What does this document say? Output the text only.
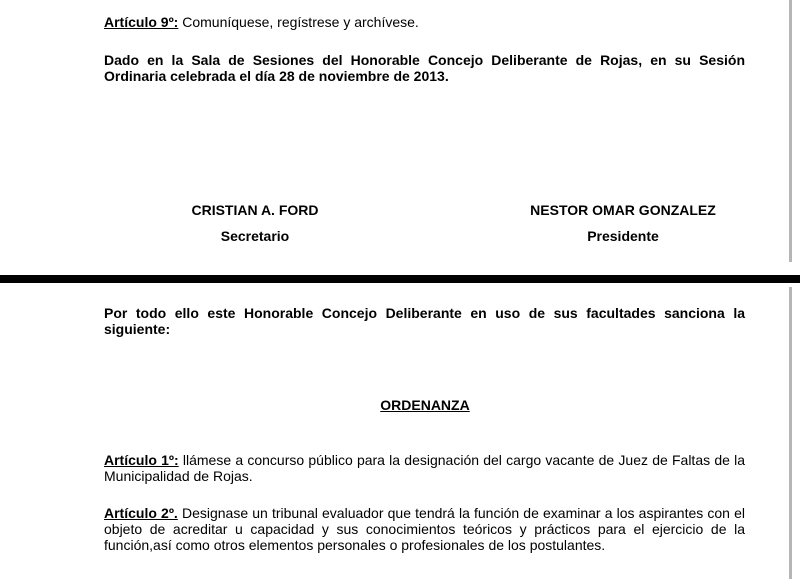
Artículo 9º: Comuníquese, regístrese y archívese.
Dado en la Sala de Sesiones del Honorable Concejo Deliberante de Rojas, en su Sesión Ordinaria celebrada el día 28 de noviembre de 2013.
CRISTIAN A. FORD
Secretario
NESTOR OMAR GONZALEZ
Presidente
Por todo ello este Honorable Concejo Deliberante en uso de sus facultades sanciona la siguiente:
ORDENANZA
Artículo 1º: llámese a concurso público para la designación del cargo vacante de Juez de Faltas de la Municipalidad de Rojas.
Artículo 2º. Designase un tribunal evaluador que tendrá la función de examinar a los aspirantes con el objeto de acreditar u capacidad y sus conocimientos teóricos y prácticos para el ejercicio de la función,así como otros elementos personales o profesionales de los postulantes.
